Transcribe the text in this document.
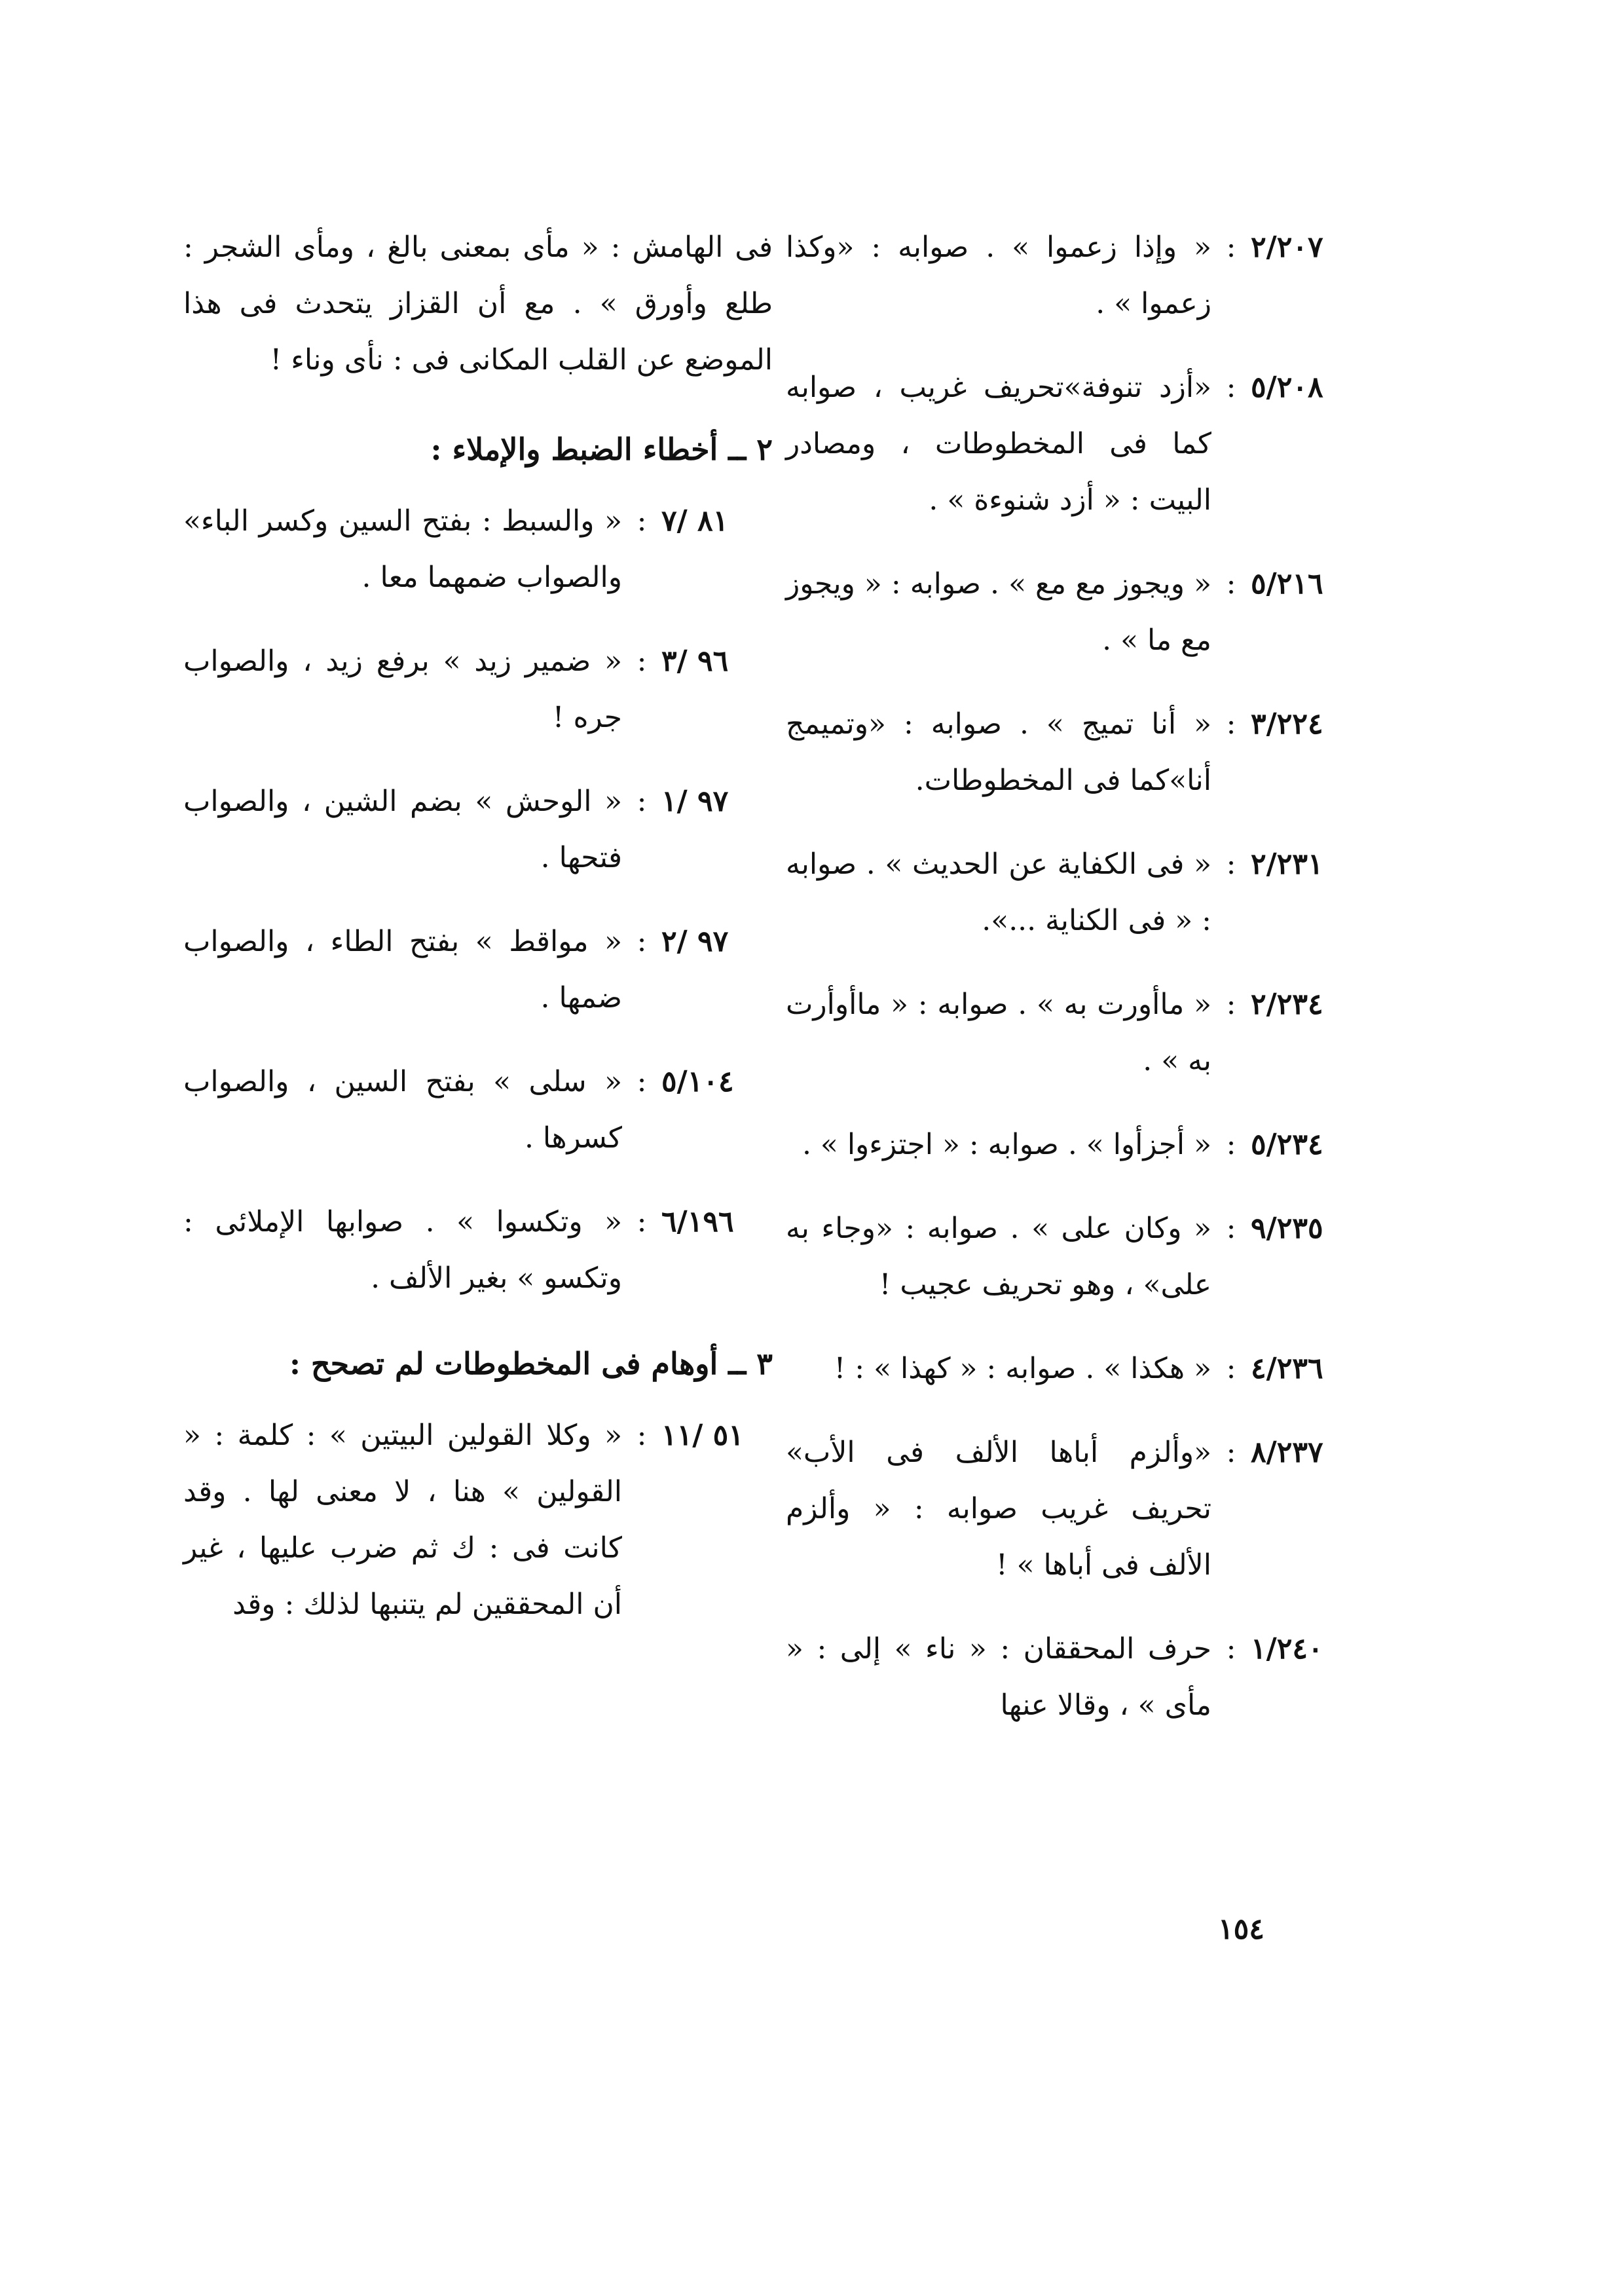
٢/٢٠٧
:
« وإذا زعموا » . صوابه : «وكذا زعموا » .
٥/٢٠٨
:
«أزد تنوفة»تحريف غريب ، صوابه كما فى المخطوطات ، ومصادر البيت : « أزد شنوءة » .
٥/٢١٦
:
« ويجوز مع مع » . صوابه : « ويجوز مع ما » .
٣/٢٢٤
:
« أنا تميج » . صوابه : «وتميمج أنا»كما فى المخطوطات.
٢/٢٣١
:
« فى الكفاية عن الحديث » . صوابه : « فى الكناية ...».
٢/٢٣٤
:
« ماأورت به » . صوابه : « ماأوأرت به » .
٥/٢٣٤
:
« أجزأوا » . صوابه : « اجتزءوا » .
٩/٢٣٥
:
« وكان على » . صوابه : «وجاء به على» ، وهو تحريف عجيب !
٤/٢٣٦
:
« هكذا » . صوابه : « كهذا » : !
٨/٢٣٧
:
«وألزم أباها الألف فى الأب» تحريف غريب صوابه : « وألزم الألف فى أباها » !
١/٢٤٠
:
حرف المحققان : « ناء » إلى : « مأى » ، وقالا عنها
فى الهامش : « مأى بمعنى بالغ ، ومأى الشجر : طلع وأورق » . مع أن القزاز يتحدث فى هذا الموضع عن القلب المكانى فى : نأى وناء !
٢ ــ أخطاء الضبط والإملاء :
٨١ /٧
:
« والسبط : بفتح السين وكسر الباء» والصواب ضمهما معا .
٩٦ /٣
:
« ضمير زيد » برفع زيد ، والصواب جره !
٩٧ /١
:
« الوحش » بضم الشين ، والصواب فتحها .
٩٧ /٢
:
« مواقط » بفتح الطاء ، والصواب ضمها .
٥/١٠٤
:
« سلى » بفتح السين ، والصواب كسرها .
٦/١٩٦
:
« وتكسوا » . صوابها الإملائى : وتكسو » بغير الألف .
٣ ــ أوهام فى المخطوطات لم تصحح :
٥١ /١١
:
« وكلا القولين البيتين » : كلمة : « القولين » هنا ، لا معنى لها . وقد كانت فى : ك ثم ضرب عليها ، غير أن المحققين لم يتنبها لذلك : وقد
١٥٤
